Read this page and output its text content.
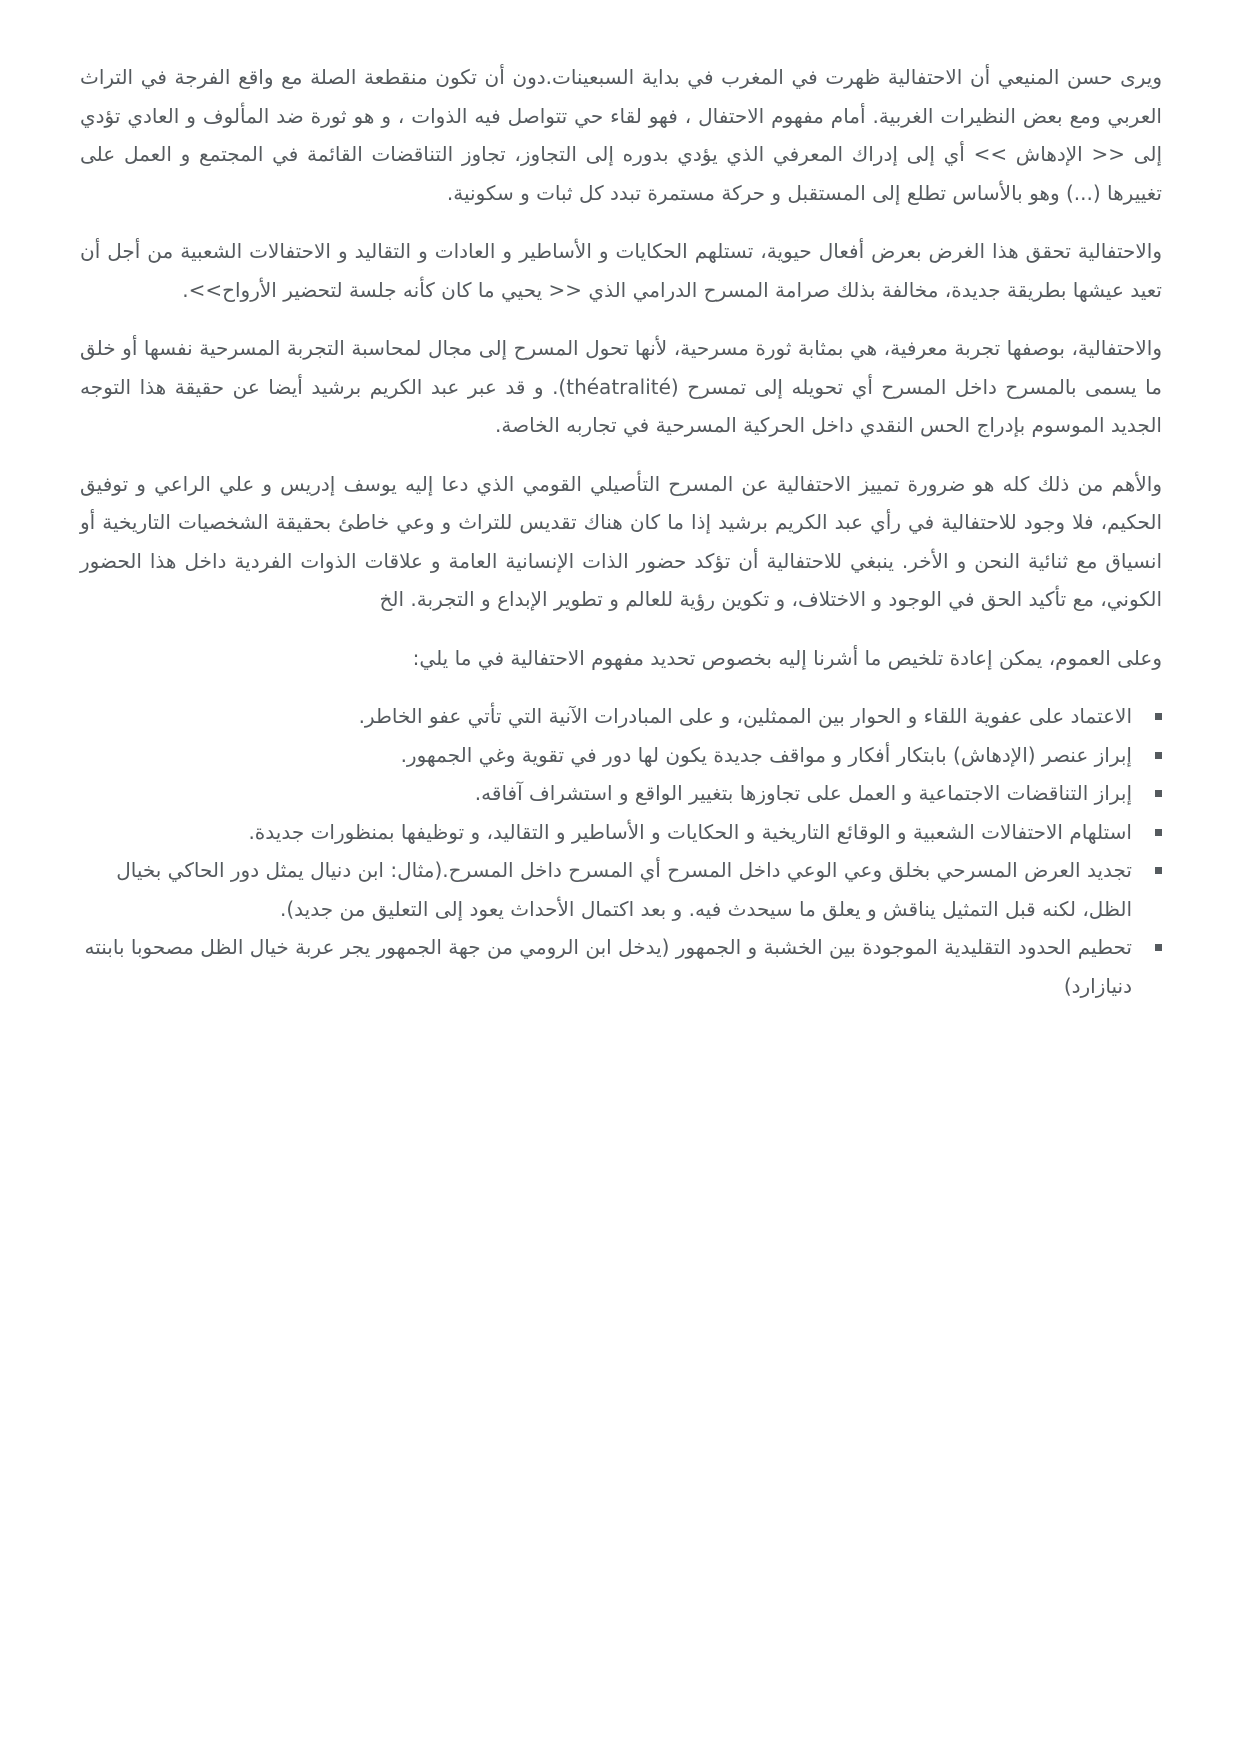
ويرى حسن المنيعي أن الاحتفالية ظهرت في المغرب في بداية السبعينات.دون أن تكون منقطعة الصلة مع واقع الفرجة في التراث العربي ومع بعض النظيرات الغربية. أمام مفهوم الاحتفال ، فهو لقاء حي تتواصل فيه الذوات ، و هو ثورة ضد المألوف و العادي تؤدي إلى << الإدهاش >> أي إلى إدراك المعرفي الذي يؤدي بدوره إلى التجاوز، تجاوز التناقضات القائمة في المجتمع و العمل على تغييرها (...) وهو بالأساس تطلع إلى المستقبل و حركة مستمرة تبدد كل ثبات و سكونية.

والاحتفالية تحقق هذا الغرض بعرض أفعال حيوية، تستلهم الحكايات و الأساطير و العادات و التقاليد و الاحتفالات الشعبية من أجل أن تعيد عيشها بطريقة جديدة، مخالفة بذلك صرامة المسرح الدرامي الذي << يحيي ما كان كأنه جلسة لتحضير الأرواح>>.

والاحتفالية، بوصفها تجربة معرفية، هي بمثابة ثورة مسرحية، لأنها تحول المسرح إلى مجال لمحاسبة التجربة المسرحية نفسها أو خلق ما يسمى بالمسرح داخل المسرح أي تحويله إلى تمسرح (théatralité). و قد عبر عبد الكريم برشيد أيضا عن حقيقة هذا التوجه الجديد الموسوم بإدراج الحس النقدي داخل الحركية المسرحية في تجاربه الخاصة.

والأهم من ذلك كله هو ضرورة تمييز الاحتفالية عن المسرح التأصيلي القومي الذي دعا إليه يوسف إدريس و علي الراعي و توفيق الحكيم، فلا وجود للاحتفالية في رأي عبد الكريم برشيد إذا ما كان هناك تقديس للتراث و وعي خاطئ بحقيقة الشخصيات التاريخية أو انسياق مع ثنائية النحن و الأخر. ينبغي للاحتفالية أن تؤكد حضور الذات الإنسانية العامة و علاقات الذوات الفردية داخل هذا الحضور الكوني، مع تأكيد الحق في الوجود و الاختلاف، و تكوين رؤية للعالم و تطوير الإبداع و التجربة. الخ

وعلى العموم، يمكن إعادة تلخيص ما أشرنا إليه بخصوص تحديد مفهوم الاحتفالية في ما يلي:

الاعتماد على عفوية اللقاء و الحوار بين الممثلين، و على المبادرات الآنية التي تأتي عفو الخاطر.
إبراز عنصر (الإدهاش) بابتكار أفكار و مواقف جديدة يكون لها دور في تقوية وغي الجمهور.
إبراز التناقضات الاجتماعية و العمل على تجاوزها بتغيير الواقع و استشراف آفاقه.
استلهام الاحتفالات الشعبية و الوقائع التاريخية و الحكايات و الأساطير و التقاليد، و توظيفها بمنظورات جديدة.
تجديد العرض المسرحي بخلق وعي الوعي داخل المسرح أي المسرح داخل المسرح.(مثال: ابن دنيال يمثل دور الحاكي بخيال الظل، لكنه قبل التمثيل يناقش و يعلق ما سيحدث فيه. و بعد اكتمال الأحداث يعود إلى التعليق من جديد).
تحطيم الحدود التقليدية الموجودة بين الخشبة و الجمهور (يدخل ابن الرومي من جهة الجمهور يجر عربة خيال الظل مصحوبا بابنته دنيازارد)
